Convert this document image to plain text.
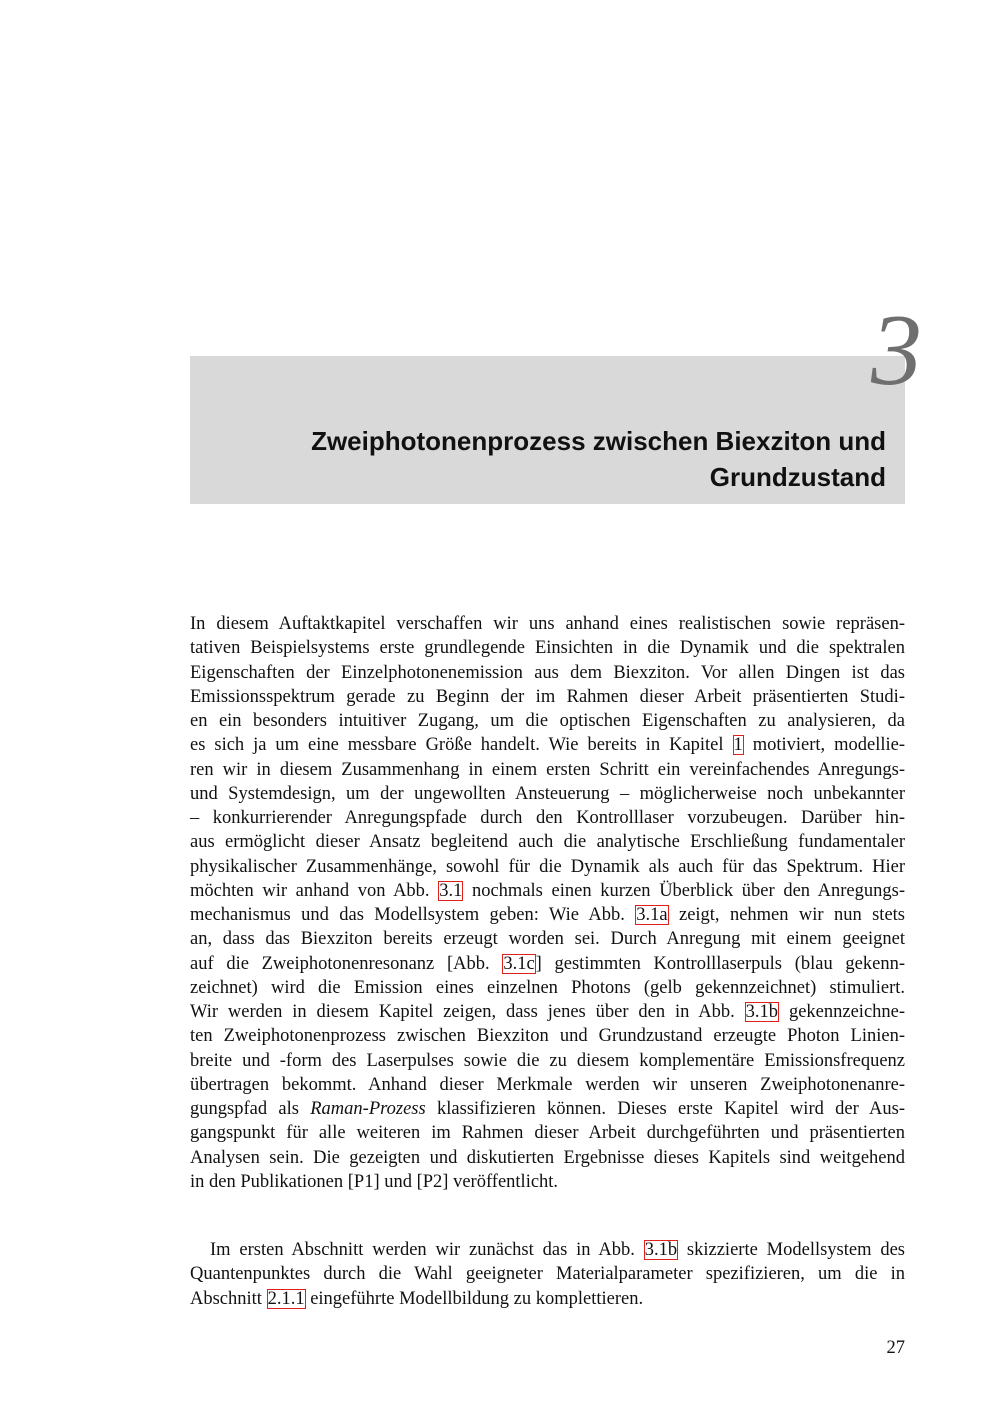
3
Zweiphotonenprozess zwischen Biexziton und
Grundzustand
In diesem Auftaktkapitel verschaffen wir uns anhand eines realistischen sowie repräsen-
tativen Beispielsystems erste grundlegende Einsichten in die Dynamik und die spektralen
Eigenschaften der Einzelphotonenemission aus dem Biexziton. Vor allen Dingen ist das
Emissionsspektrum gerade zu Beginn der im Rahmen dieser Arbeit präsentierten Studi-
en ein besonders intuitiver Zugang, um die optischen Eigenschaften zu analysieren, da
es sich ja um eine messbare Größe handelt. Wie bereits in Kapitel 1 motiviert, modellie-
ren wir in diesem Zusammenhang in einem ersten Schritt ein vereinfachendes Anregungs-
und Systemdesign, um der ungewollten Ansteuerung – möglicherweise noch unbekannter
– konkurrierender Anregungspfade durch den Kontrolllaser vorzubeugen. Darüber hin-
aus ermöglicht dieser Ansatz begleitend auch die analytische Erschließung fundamentaler
physikalischer Zusammenhänge, sowohl für die Dynamik als auch für das Spektrum. Hier
möchten wir anhand von Abb. 3.1 nochmals einen kurzen Überblick über den Anregungs-
mechanismus und das Modellsystem geben: Wie Abb. 3.1a zeigt, nehmen wir nun stets
an, dass das Biexziton bereits erzeugt worden sei. Durch Anregung mit einem geeignet
auf die Zweiphotonenresonanz [Abb. 3.1c] gestimmten Kontrolllaserpuls (blau gekenn-
zeichnet) wird die Emission eines einzelnen Photons (gelb gekennzeichnet) stimuliert.
Wir werden in diesem Kapitel zeigen, dass jenes über den in Abb. 3.1b gekennzeichne-
ten Zweiphotonenprozess zwischen Biexziton und Grundzustand erzeugte Photon Linien-
breite und -form des Laserpulses sowie die zu diesem komplementäre Emissionsfrequenz
übertragen bekommt. Anhand dieser Merkmale werden wir unseren Zweiphotonenanre-
gungspfad als Raman-Prozess klassifizieren können. Dieses erste Kapitel wird der Aus-
gangspunkt für alle weiteren im Rahmen dieser Arbeit durchgeführten und präsentierten
Analysen sein. Die gezeigten und diskutierten Ergebnisse dieses Kapitels sind weitgehend
in den Publikationen [P1] und [P2] veröffentlicht.
Im ersten Abschnitt werden wir zunächst das in Abb. 3.1b skizzierte Modellsystem des
Quantenpunktes durch die Wahl geeigneter Materialparameter spezifizieren, um die in
Abschnitt 2.1.1 eingeführte Modellbildung zu komplettieren.
27
